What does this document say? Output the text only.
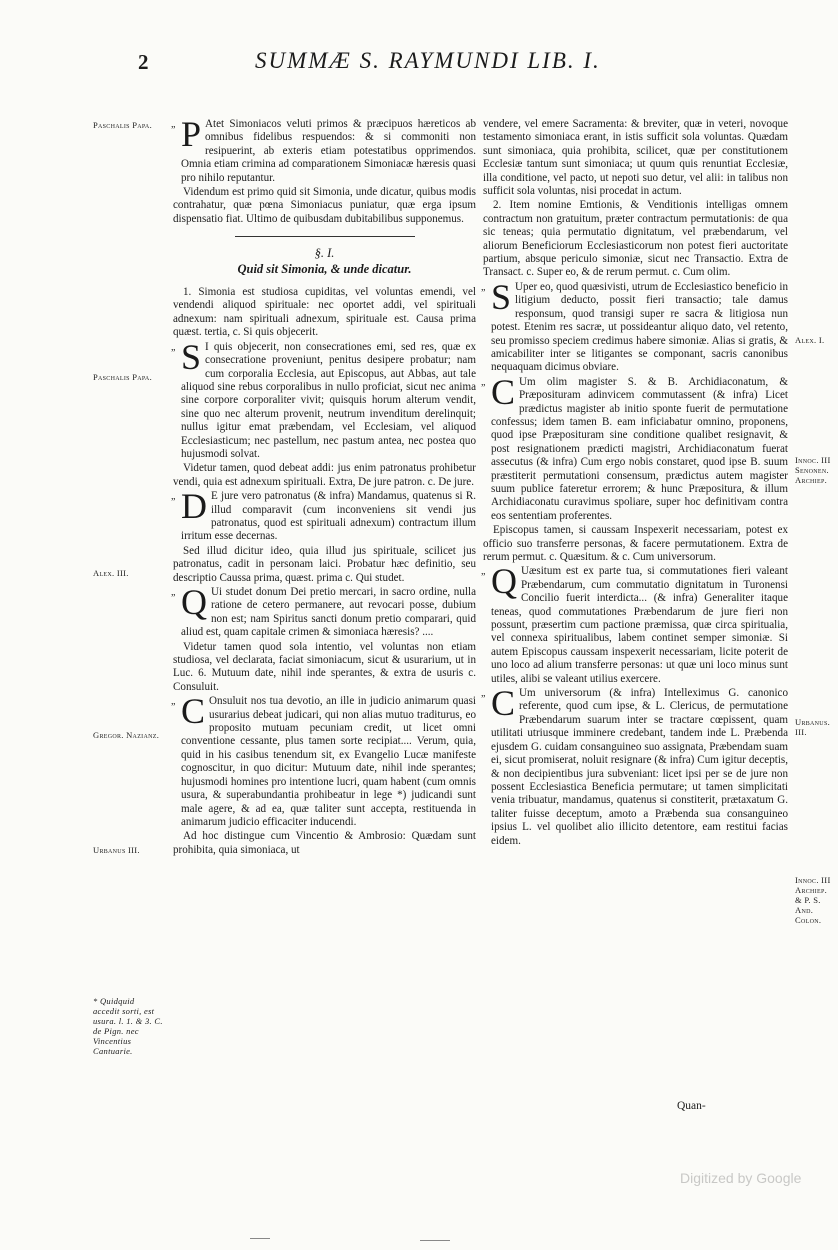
2	SUMMÆ S. RAYMUNDI LIB. I.
Paschalis Papa.
Paschalis Papa.
Alex. III.
Gregor. Nazianz.
Urbanus III.
* Quidquid accedit sorti, est usura. l. 1. & 3. C. de Pign. nec Vincentius Cantuarie.
Alex. I.
Innoc. III Senonen. Archiep.
Urbanus. III.
Innoc. III Archiep. & P. S. And. Colon.

„ P Atet Simoniacos veluti primos & præcipuos hæreticos ab omnibus fidelibus respuendos: & si commoniti non resipuerint, ab exteris etiam potestatibus opprimendos. Omnia etiam crimina ad comparationem Simoniacæ hæresis quasi pro nihilo reputantur.

Videndum est primo quid sit Simonia, unde dicatur, quibus modis contrahatur, quæ pœna Simoniacus puniatur, quæ erga ipsum dispensatio fiat. Ultimo de quibusdam dubitabilibus supponemus.

§. I.
Quid sit Simonia, & unde dicatur.

1. Simonia est studiosa cupiditas, vel voluntas emendi, vel vendendi aliquod spirituale: nec oportet addi, vel spirituali adnexum: nam spirituali adnexum, spirituale est. Causa prima quæst. tertia, c. Si quis objecerit.

„ S I quis objecerit, non consecrationes emi, sed res, quæ ex consecratione proveniunt, penitus desipere probatur; nam cum corporalia Ecclesia, aut Episcopus, aut Abbas, aut tale aliquod sine rebus corporalibus in nullo proficiat, sicut nec anima sine corpore corporaliter vivit; quisquis horum alterum vendit, sine quo nec alterum provenit, neutrum invenditum derelinquit; nullus igitur emat præbendam, vel Ecclesiam, vel aliquod Ecclesiasticum; nec pastellum, nec pastum antea, nec postea quo hujusmodi solvat.

Videtur tamen, quod debeat addi: jus enim patronatus prohibetur vendi, quia est adnexum spirituali. Extra, De jure patron. c. De jure.

„ D E jure vero patronatus (& infra) Mandamus, quatenus si R. illud comparavit (cum inconveniens sit vendi jus patronatus, quod est spirituali adnexum) contractum illum irritum esse decernas.

Sed illud dicitur ideo, quia illud jus spirituale, scilicet jus patronatus, cadit in personam laici. Probatur hæc definitio, seu descriptio Caussa prima, quæst. prima c. Qui studet.

„ Q Ui studet donum Dei pretio mercari, in sacro ordine, nulla ratione de cetero permanere, aut revocari posse, dubium non est; nam Spiritus sancti donum pretio comparari, quid aliud est, quam capitale crimen & simoniaca hæresis? ....

Videtur tamen quod sola intentio, vel voluntas non etiam studiosa, vel declarata, faciat simoniacum, sicut & usurarium, ut in Luc. 6. Mutuum date, nihil inde sperantes, & extra de usuris c. Consuluit.

„ C Onsuluit nos tua devotio, an ille in judicio animarum quasi usurarius debeat judicari, qui non alias mutuo traditurus, eo proposito mutuam pecuniam credit, ut licet omni conventione cessante, plus tamen sorte recipiat.... Verum, quia, quid in his casibus tenendum sit, ex Evangelio Lucæ manifeste cognoscitur, in quo dicitur: Mutuum date, nihil inde sperantes; hujusmodi homines pro intentione lucri, quam habent (cum omnis usura, & superabundantia prohibeatur in lege *) judicandi sunt male agere, & ad ea, quæ taliter sunt accepta, restituenda in animarum judicio efficaciter inducendi.

Ad hoc distingue cum Vincentio & Ambrosio: Quædam sunt prohibita, quia simoniaca, ut

vendere, vel emere Sacramenta: & breviter, quæ in veteri, novoque testamento simoniaca erant, in istis sufficit sola voluntas. Quædam sunt simoniaca, quia prohibita, scilicet, quæ per constitutionem Ecclesiæ tantum sunt simoniaca; ut quum quis renuntiat Ecclesiæ, illa conditione, vel pacto, ut nepoti suo detur, vel alii: in talibus non sufficit sola voluntas, nisi procedat in actum.

2. Item nomine Emtionis, & Venditionis intelligas omnem contractum non gratuitum, præter contractum permutationis: de qua sic teneas; quia permutatio dignitatum, vel præbendarum, vel aliorum Beneficiorum Ecclesiasticorum non potest fieri auctoritate partium, absque periculo simoniæ, sicut nec Transactio. Extra de Transact. c. Super eo, & de rerum permut. c. Cum olim.

„ S Uper eo, quod quæsivisti, utrum de Ecclesiastico beneficio in litigium deducto, possit fieri transactio; tale damus responsum, quod transigi super re sacra & litigiosa nun potest. Etenim res sacræ, ut possideantur aliquo dato, vel retento, seu promisso speciem credimus habere simoniæ. Alias si gratis, & amicabiliter inter se litigantes se componant, sacris canonibus nequaquam dicimus obviare.

„ C Um olim magister S. & B. Archidiaconatum, & Præposituram adinvicem commutassent (& infra) Licet prædictus magister ab initio sponte fuerit de permutatione confessus; idem tamen B. eam inficiabatur omnino, proponens, quod ipse Præposituram sine conditione qualibet resignavit, & post resignationem prædicti magistri, Archidiaconatum fuerat assecutus (& infra) Cum ergo nobis constaret, quod ipse B. suum præstiterit permutationi consensum, prædictus autem magister suum publice fateretur errorem; & hunc Præpositura, & illum Archidiaconatu curavimus spoliare, super hoc definitivam contra eos sententiam proferentes.

Episcopus tamen, si caussam Inspexerit necessariam, potest ex officio suo transferre personas, & facere permutationem. Extra de rerum permut. c. Quæsitum. & c. Cum universorum.

„ Q Uæsitum est ex parte tua, si commutationes fieri valeant Præbendarum, cum commutatio dignitatum in Turonensi Concilio fuerit interdicta... (& infra) Generaliter itaque teneas, quod commutationes Præbendarum de jure fieri non possunt, præsertim cum pactione præmissa, quæ circa spiritualia, vel connexa spiritualibus, labem continet semper simoniæ. Si autem Episcopus caussam inspexerit necessariam, licite poterit de uno loco ad alium transferre personas: ut quæ uni loco minus sunt utiles, alibi se valeant utilius exercere.

„ C Um universorum (& infra) Intelleximus G. canonico referente, quod cum ipse, & L. Clericus, de permutatione Præbendarum suarum inter se tractare cœpissent, quam utilitati utriusque imminere credebant, tandem inde L. Præbenda ejusdem G. cuidam consanguineo suo assignata, Præbendam suam ei, sicut promiserat, noluit resignare (& infra) Cum igitur deceptis, & non decipientibus jura subveniant: licet ipsi per se de jure non possent Ecclesiastica Beneficia permutare; ut tamen simplicitati venia tribuatur, mandamus, quatenus si constiterit, prætaxatum G. taliter fuisse deceptum, amoto a Præbenda sua consanguineo ipsius L. vel quolibet alio illicito detentore, eam restitui facias eidem.

Quan-
Digitized by Google
